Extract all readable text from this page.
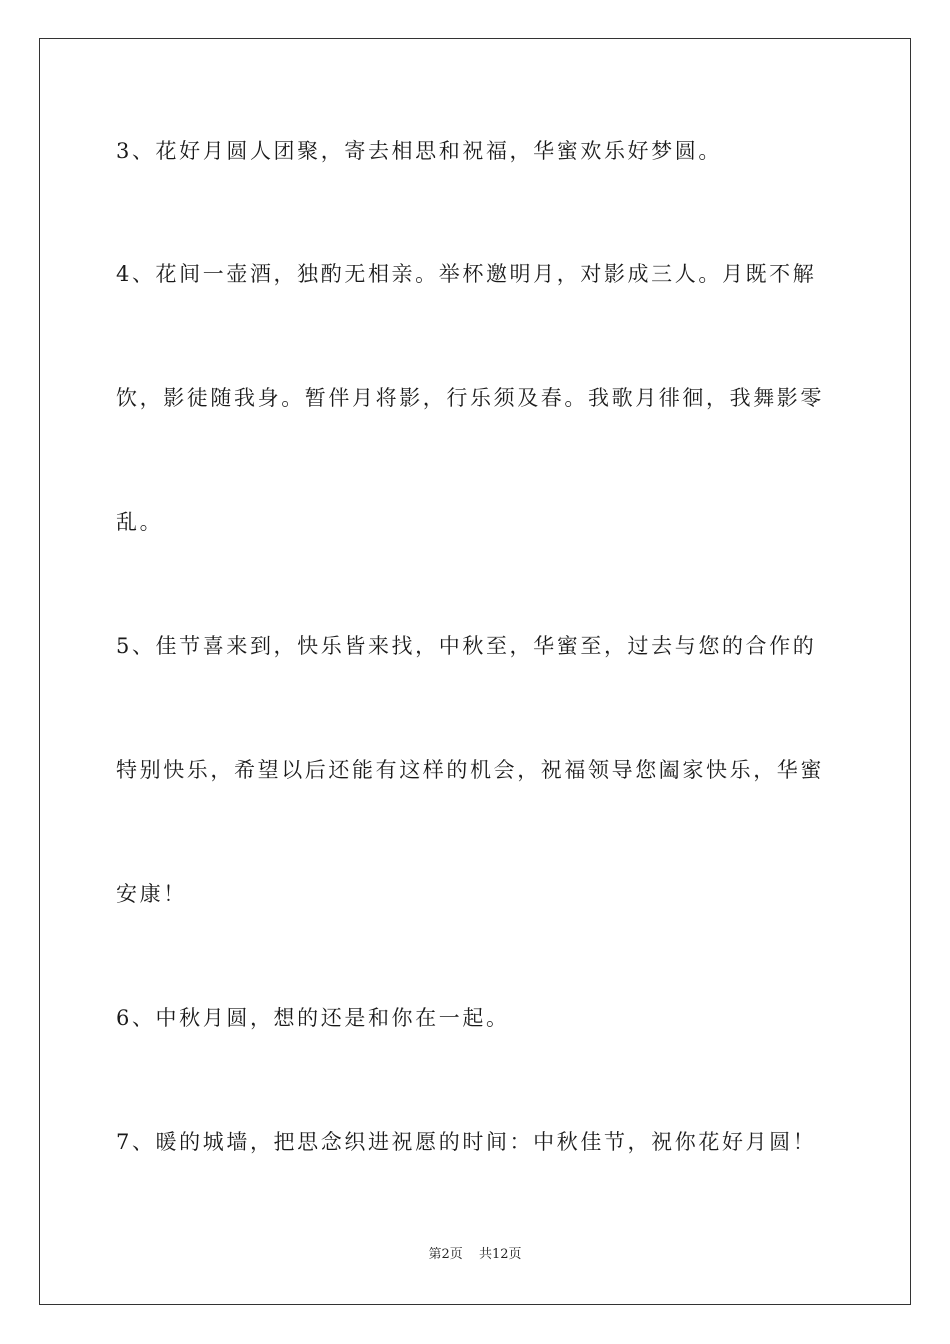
3、花好月圆人团聚，寄去相思和祝福，华蜜欢乐好梦圆。
4、花间一壶酒，独酌无相亲。举杯邀明月，对影成三人。月既不解
饮，影徒随我身。暂伴月将影，行乐须及春。我歌月徘徊，我舞影零
乱。
5、佳节喜来到，快乐皆来找，中秋至，华蜜至，过去与您的合作的
特别快乐，希望以后还能有这样的机会，祝福领导您阖家快乐，华蜜
安康！
6、中秋月圆，想的还是和你在一起。
7、暖的城墙，把思念织进祝愿的时间：中秋佳节，祝你花好月圆！
第2页 共12页
